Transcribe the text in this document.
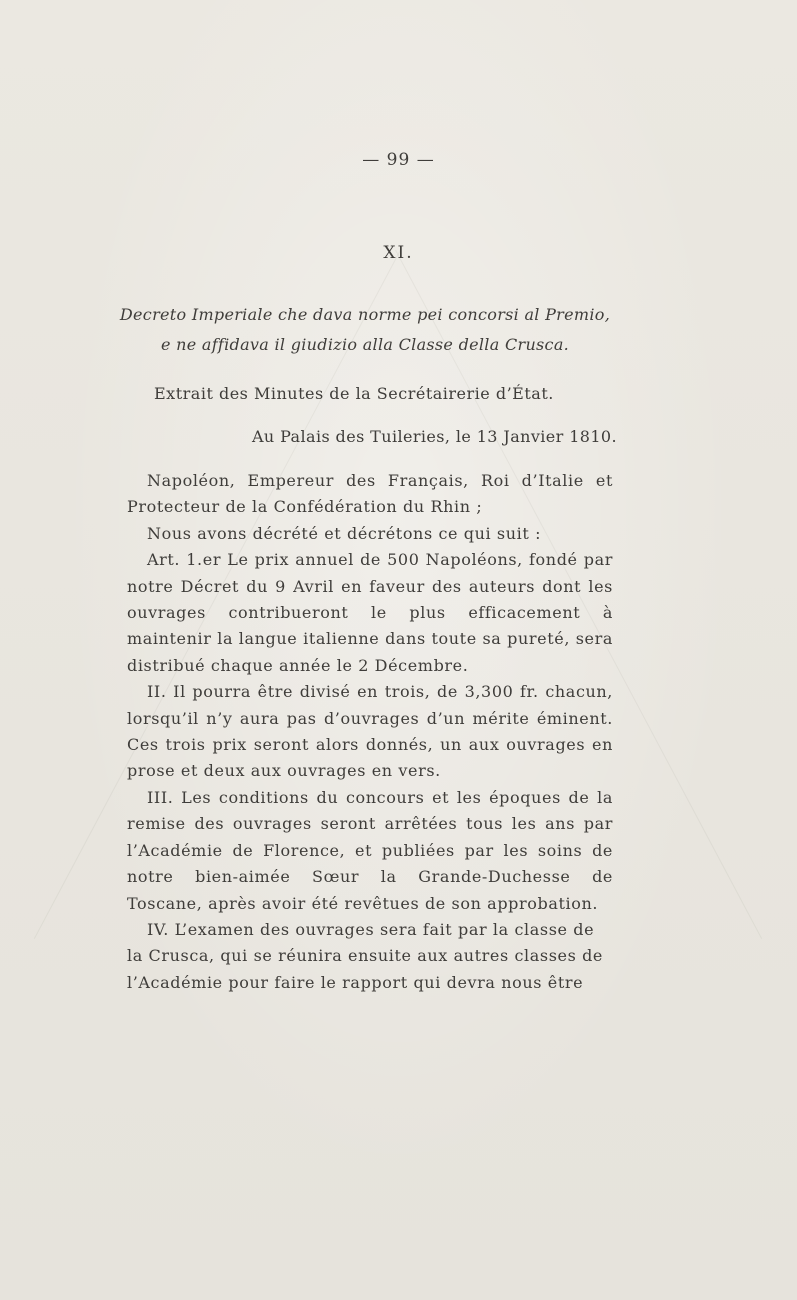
— 99 —
XI.
Decreto Imperiale che dava norme pei concorsi al Premio,
e ne affidava il giudizio alla Classe della Crusca.
Extrait des Minutes de la Secrétairerie d’État.
Au Palais des Tuileries, le 13 Janvier 1810.

Napoléon, Empereur des Français, Roi d’Italie et Protecteur de la Confédération du Rhin ;

Nous avons décrété et décrétons ce qui suit :

Art. 1.er Le prix annuel de 500 Napoléons, fondé par notre Décret du 9 Avril en faveur des auteurs dont les ouvrages contribueront le plus efficacement à maintenir la langue italienne dans toute sa pureté, sera distribué chaque année le 2 Décembre.

II. Il pourra être divisé en trois, de 3,300 fr. chacun, lorsqu’il n’y aura pas d’ouvrages d’un mérite éminent. Ces trois prix seront alors donnés, un aux ouvrages en prose et deux aux ouvrages en vers.

III. Les conditions du concours et les époques de la remise des ouvrages seront arrêtées tous les ans par l’Académie de Florence, et publiées par les soins de notre bien-aimée Sœur la Grande-Duchesse de Toscane, après avoir été revêtues de son approbation.

IV. L’examen des ouvrages sera fait par la classe de la Crusca, qui se réunira ensuite aux autres classes de l’Académie pour faire le rapport qui devra nous être
